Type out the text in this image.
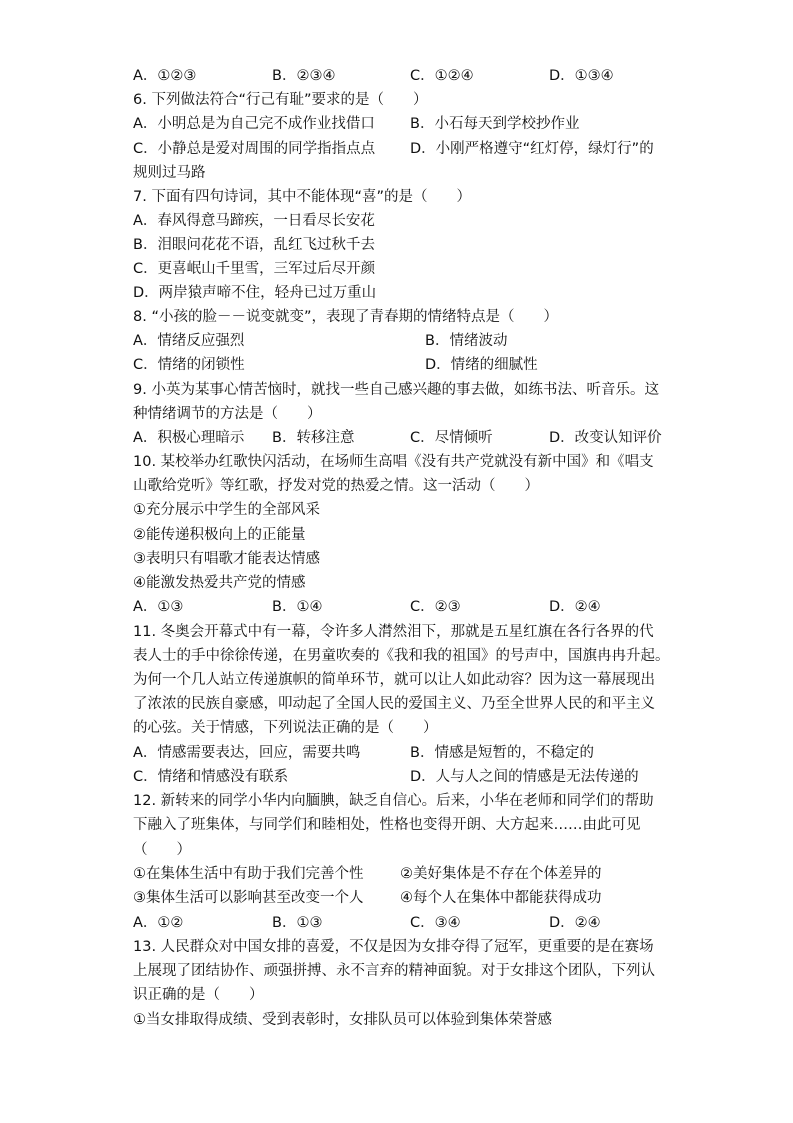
A．①②③	B．②③④	C．①②④	D．①③④
6. 下列做法符合“行己有耻”要求的是（　　）
A．小明总是为自己完不成作业找借口 B．小石每天到学校抄作业
C．小静总是爱对周围的同学指指点点 D．小刚严格遵守“红灯停，绿灯行”的
规则过马路
7. 下面有四句诗词，其中不能体现“喜”的是（　　）
A．春风得意马蹄疾，一日看尽长安花
B．泪眼问花花不语，乱红飞过秋千去
C．更喜岷山千里雪，三军过后尽开颜
D．两岸猿声啼不住，轻舟已过万重山
8. “小孩的脸－－说变就变”，表现了青春期的情绪特点是（　　）
A．情绪反应强烈	B．情绪波动
C．情绪的闭锁性	D．情绪的细腻性
9. 小英为某事心情苦恼时，就找一些自己感兴趣的事去做，如练书法、听音乐。这
种情绪调节的方法是（　　）
A．积极心理暗示 B．转移注意	C．尽情倾听	D．改变认知评价
10. 某校举办红歌快闪活动，在场师生高唱《没有共产党就没有新中国》和《唱支
山歌给党听》等红歌，抒发对党的热爱之情。这一活动（　　）
①充分展示中学生的全部风采
②能传递积极向上的正能量
③表明只有唱歌才能表达情感
④能激发热爱共产党的情感
A．①③	B．①④	C．②③	D．②④
11. 冬奥会开幕式中有一幕，令许多人潸然泪下，那就是五星红旗在各行各界的代
表人士的手中徐徐传递，在男童吹奏的《我和我的祖国》的号声中，国旗冉冉升起。
为何一个几人站立传递旗帜的简单环节，就可以让人如此动容？因为这一幕展现出
了浓浓的民族自豪感，叩动起了全国人民的爱国主义、乃至全世界人民的和平主义
的心弦。关于情感，下列说法正确的是（　　）
A．情感需要表达，回应，需要共鸣	B．情感是短暂的，不稳定的
C．情绪和情感没有联系	D．人与人之间的情感是无法传递的
12. 新转来的同学小华内向腼腆，缺乏自信心。后来，小华在老师和同学们的帮助
下融入了班集体，与同学们和睦相处，性格也变得开朗、大方起来……由此可见
（　　）
①在集体生活中有助于我们完善个性	②美好集体是不存在个体差异的
③集体生活可以影响甚至改变一个人	④每个人在集体中都能获得成功
A．①②	B．①③	C．③④	D．②④
13. 人民群众对中国女排的喜爱，不仅是因为女排夺得了冠军，更重要的是在赛场
上展现了团结协作、顽强拼搏、永不言弃的精神面貌。对于女排这个团队，下列认
识正确的是（　　）
①当女排取得成绩、受到表彰时，女排队员可以体验到集体荣誉感
